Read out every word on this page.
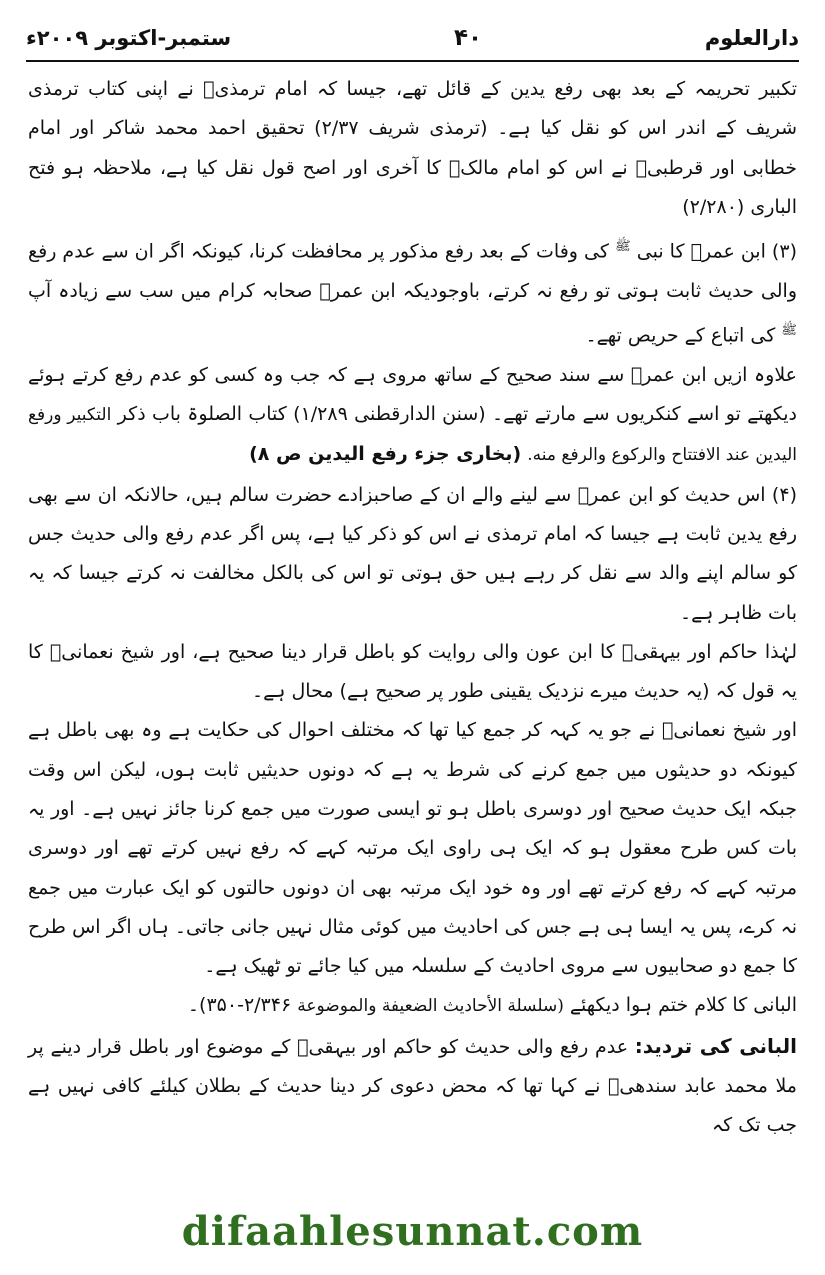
دارالعلوم
۴۰
ستمبر-اکتوبر ۲۰۰۹ء

تکبیر تحریمہ کے بعد بھی رفع یدین کے قائل تھے، جیسا کہ امام ترمذیؒ نے اپنی کتاب ترمذی شریف کے اندر اس کو نقل کیا ہے۔ (ترمذی شریف ۲/۳۷) تحقیق احمد محمد شاکر اور امام خطابی اور قرطبیؒ نے اس کو امام مالکؒ کا آخری اور اصح قول نقل کیا ہے، ملاحظہ ہو فتح الباری (۲/۲۸۰)

(۳) ابن عمرؓ کا نبی $^ﷺ$ کی وفات کے بعد رفع مذکور پر محافظت کرنا، کیونکہ اگر ان سے عدم رفع والی حدیث ثابت ہوتی تو رفع نہ کرتے، باوجودیکہ ابن عمرؓ صحابہ کرام میں سب سے زیادہ آپ $^ﷺ$ کی اتباع کے حریص تھے۔

علاوہ ازیں ابن عمرؓ سے سند صحیح کے ساتھ مروی ہے کہ جب وہ کسی کو عدم رفع کرتے ہوئے دیکھتے تو اسے کنکریوں سے مارتے تھے۔ (سنن الدارقطنی ۱/۲۸۹) کتاب الصلوۃ باب ذکر التکبیر ورفع الیدین عند الافتتاح والرکوع والرفع منه. (بخاری جزء رفع الیدین ص ۸)

(۴) اس حدیث کو ابن عمرؓ سے لینے والے ان کے صاحبزادے حضرت سالم ہیں، حالانکہ ان سے بھی رفع یدین ثابت ہے جیسا کہ امام ترمذی نے اس کو ذکر کیا ہے، پس اگر عدم رفع والی حدیث جس کو سالم اپنے والد سے نقل کر رہے ہیں حق ہوتی تو اس کی بالکل مخالفت نہ کرتے جیسا کہ یہ بات ظاہر ہے۔

لہٰذا حاکم اور بیہقیؒ کا ابن عون والی روایت کو باطل قرار دینا صحیح ہے، اور شیخ نعمانیؒ کا یہ قول کہ (یہ حدیث میرے نزدیک یقینی طور پر صحیح ہے) محال ہے۔

اور شیخ نعمانیؒ نے جو یہ کہہ کر جمع کیا تھا کہ مختلف احوال کی حکایت ہے وہ بھی باطل ہے کیونکہ دو حدیثوں میں جمع کرنے کی شرط یہ ہے کہ دونوں حدیثیں ثابت ہوں، لیکن اس وقت جبکہ ایک حدیث صحیح اور دوسری باطل ہو تو ایسی صورت میں جمع کرنا جائز نہیں ہے۔ اور یہ بات کس طرح معقول ہو کہ ایک ہی راوی ایک مرتبہ کہے کہ رفع نہیں کرتے تھے اور دوسری مرتبہ کہے کہ رفع کرتے تھے اور وہ خود ایک مرتبہ بھی ان دونوں حالتوں کو ایک عبارت میں جمع نہ کرے، پس یہ ایسا ہی ہے جس کی احادیث میں کوئی مثال نہیں جانی جاتی۔ ہاں اگر اس طرح کا جمع دو صحابیوں سے مروی احادیث کے سلسلہ میں کیا جائے تو ٹھیک ہے۔

البانی کا کلام ختم ہوا دیکھئے (سلسلة الأحاديث الضعيفة والموضوعة ۲/۳۴۶-۳۵۰)۔

البانی کی تردید: عدم رفع والی حدیث کو حاکم اور بیہقیؒ کے موضوع اور باطل قرار دینے پر ملا محمد عابد سندھیؒ نے کہا تھا کہ محض دعوی کر دینا حدیث کے بطلان کیلئے کافی نہیں ہے جب تک کہ

difaahlesunnat.com
